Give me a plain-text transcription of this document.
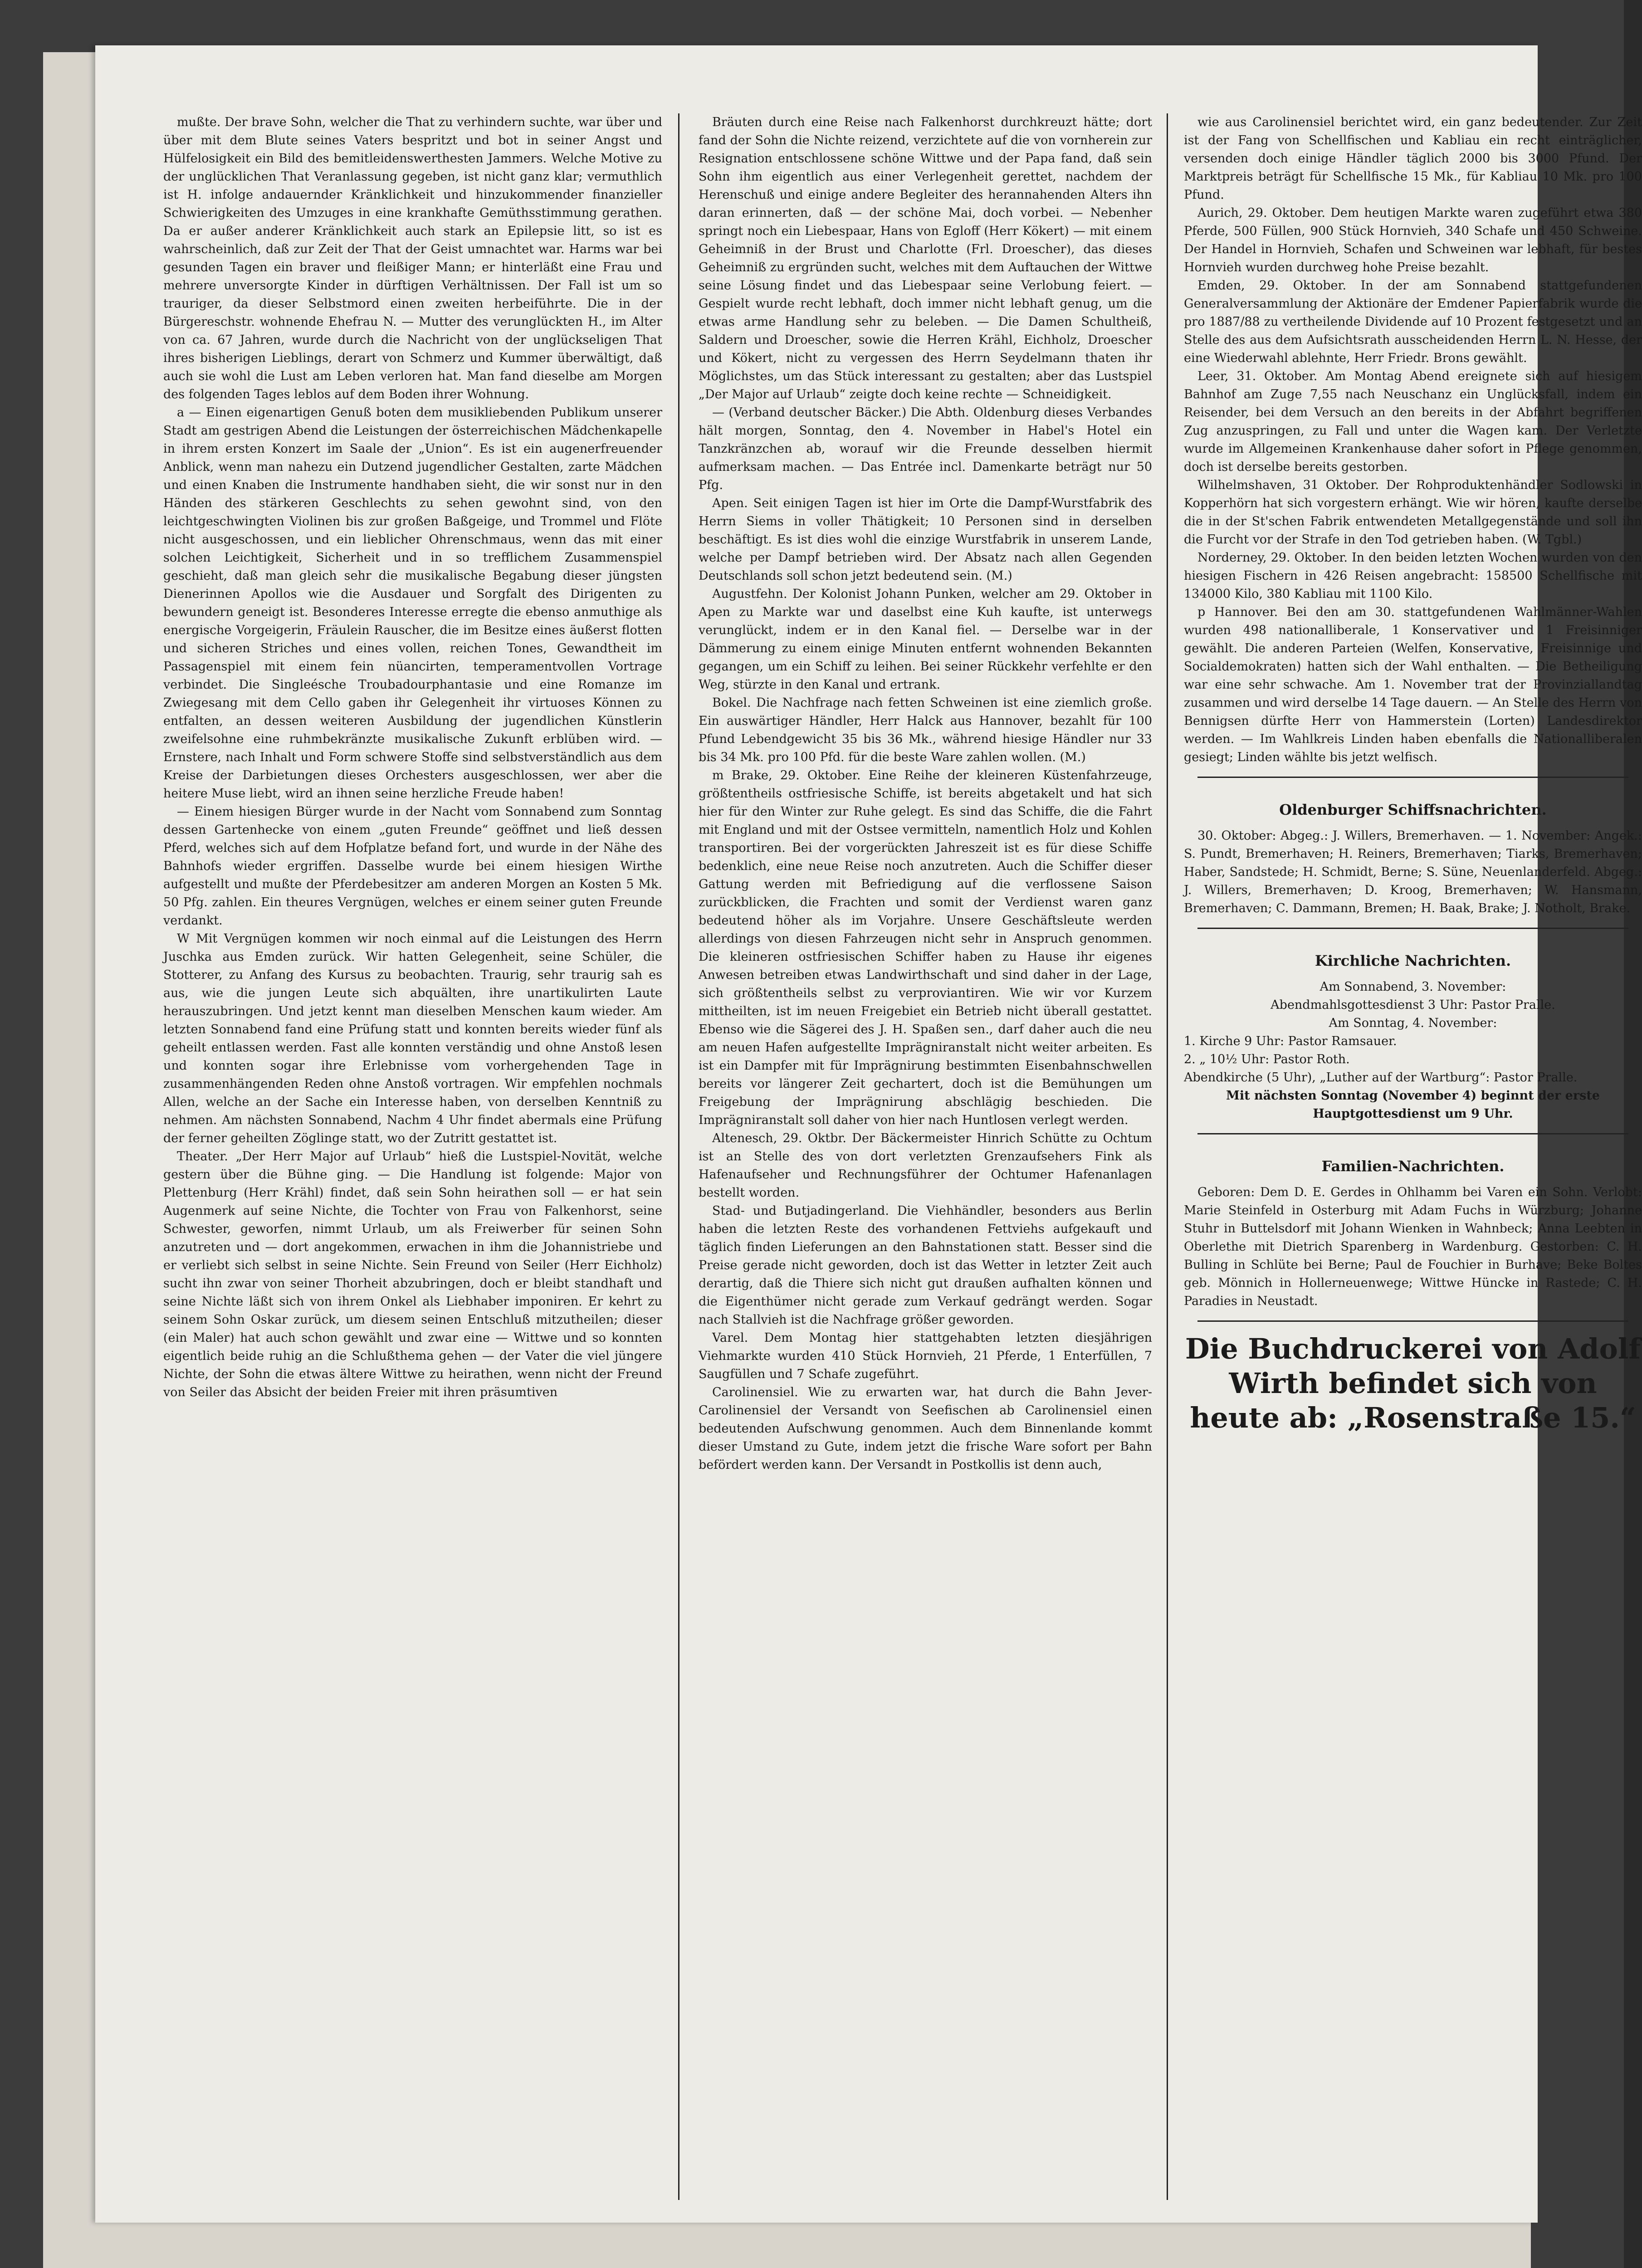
mußte. Der brave Sohn, welcher die That zu verhindern suchte, war über und über mit dem Blute seines Vaters bespritzt und bot in seiner Angst und Hülfelosigkeit ein Bild des bemitleidenswerthesten Jammers. Welche Motive zu der unglücklichen That Veranlassung gegeben, ist nicht ganz klar; vermuthlich ist H. infolge andauernder Kränklichkeit und hinzukommender finanzieller Schwierigkeiten des Umzuges in eine krankhafte Gemüthsstimmung gerathen. Da er außer anderer Kränklichkeit auch stark an Epilepsie litt, so ist es wahrscheinlich, daß zur Zeit der That der Geist umnachtet war. Harms war bei gesunden Tagen ein braver und fleißiger Mann; er hinterläßt eine Frau und mehrere unversorgte Kinder in dürftigen Verhältnissen. Der Fall ist um so trauriger, da dieser Selbstmord einen zweiten herbeiführte. Die in der Bürgereschstr. wohnende Ehefrau N. — Mutter des verunglückten H., im Alter von ca. 67 Jahren, wurde durch die Nachricht von der unglückseligen That ihres bisherigen Lieblings, derart von Schmerz und Kummer überwältigt, daß auch sie wohl die Lust am Leben verloren hat. Man fand dieselbe am Morgen des folgenden Tages leblos auf dem Boden ihrer Wohnung.

a — Einen eigenartigen Genuß boten dem musikliebenden Publikum unserer Stadt am gestrigen Abend die Leistungen der österreichischen Mädchenkapelle in ihrem ersten Konzert im Saale der „Union“. Es ist ein augenerfreuender Anblick, wenn man nahezu ein Dutzend jugendlicher Gestalten, zarte Mädchen und einen Knaben die Instrumente handhaben sieht, die wir sonst nur in den Händen des stärkeren Geschlechts zu sehen gewohnt sind, von den leichtgeschwingten Violinen bis zur großen Baßgeige, und Trommel und Flöte nicht ausgeschossen, und ein lieblicher Ohrenschmaus, wenn das mit einer solchen Leichtigkeit, Sicherheit und in so trefflichem Zusammenspiel geschieht, daß man gleich sehr die musikalische Begabung dieser jüngsten Dienerinnen Apollos wie die Ausdauer und Sorgfalt des Dirigenten zu bewundern geneigt ist. Besonderes Interesse erregte die ebenso anmuthige als energische Vorgeigerin, Fräulein Rauscher, die im Besitze eines äußerst flotten und sicheren Striches und eines vollen, reichen Tones, Gewandtheit im Passagenspiel mit einem fein nüancirten, temperamentvollen Vortrage verbindet. Die Singleésche Troubadourphantasie und eine Romanze im Zwiegesang mit dem Cello gaben ihr Gelegenheit ihr virtuoses Können zu entfalten, an dessen weiteren Ausbildung der jugendlichen Künstlerin zweifelsohne eine ruhmbekränzte musikalische Zukunft erblüben wird. — Ernstere, nach Inhalt und Form schwere Stoffe sind selbstverständlich aus dem Kreise der Darbietungen dieses Orchesters ausgeschlossen, wer aber die heitere Muse liebt, wird an ihnen seine herzliche Freude haben!

— Einem hiesigen Bürger wurde in der Nacht vom Sonnabend zum Sonntag dessen Gartenhecke von einem „guten Freunde“ geöffnet und ließ dessen Pferd, welches sich auf dem Hofplatze befand fort, und wurde in der Nähe des Bahnhofs wieder ergriffen. Dasselbe wurde bei einem hiesigen Wirthe aufgestellt und mußte der Pferdebesitzer am anderen Morgen an Kosten 5 Mk. 50 Pfg. zahlen. Ein theures Vergnügen, welches er einem seiner guten Freunde verdankt.

W Mit Vergnügen kommen wir noch einmal auf die Leistungen des Herrn Juschka aus Emden zurück. Wir hatten Gelegenheit, seine Schüler, die Stotterer, zu Anfang des Kursus zu beobachten. Traurig, sehr traurig sah es aus, wie die jungen Leute sich abquälten, ihre unartikulirten Laute herauszubringen. Und jetzt kennt man dieselben Menschen kaum wieder. Am letzten Sonnabend fand eine Prüfung statt und konnten bereits wieder fünf als geheilt entlassen werden. Fast alle konnten verständig und ohne Anstoß lesen und konnten sogar ihre Erlebnisse vom vorhergehenden Tage in zusammenhängenden Reden ohne Anstoß vortragen. Wir empfehlen nochmals Allen, welche an der Sache ein Interesse haben, von derselben Kenntniß zu nehmen. Am nächsten Sonnabend, Nachm 4 Uhr findet abermals eine Prüfung der ferner geheilten Zöglinge statt, wo der Zutritt gestattet ist.

Theater. „Der Herr Major auf Urlaub“ hieß die Lustspiel-Novität, welche gestern über die Bühne ging. — Die Handlung ist folgende: Major von Plettenburg (Herr Krähl) findet, daß sein Sohn heirathen soll — er hat sein Augenmerk auf seine Nichte, die Tochter von Frau von Falkenhorst, seine Schwester, geworfen, nimmt Urlaub, um als Freiwerber für seinen Sohn anzutreten und — dort angekommen, erwachen in ihm die Johannistriebe und er verliebt sich selbst in seine Nichte. Sein Freund von Seiler (Herr Eichholz) sucht ihn zwar von seiner Thorheit abzubringen, doch er bleibt standhaft und seine Nichte läßt sich von ihrem Onkel als Liebhaber imponiren. Er kehrt zu seinem Sohn Oskar zurück, um diesem seinen Entschluß mitzutheilen; dieser (ein Maler) hat auch schon gewählt und zwar eine — Wittwe und so konnten eigentlich beide ruhig an die Schlußthema gehen — der Vater die viel jüngere Nichte, der Sohn die etwas ältere Wittwe zu heirathen, wenn nicht der Freund von Seiler das Absicht der beiden Freier mit ihren präsumtiven

Bräuten durch eine Reise nach Falkenhorst durchkreuzt hätte; dort fand der Sohn die Nichte reizend, verzichtete auf die von vornherein zur Resignation entschlossene schöne Wittwe und der Papa fand, daß sein Sohn ihm eigentlich aus einer Verlegenheit gerettet, nachdem der Herenschuß und einige andere Begleiter des herannahenden Alters ihn daran erinnerten, daß — der schöne Mai, doch vorbei. — Nebenher springt noch ein Liebespaar, Hans von Egloff (Herr Kökert) — mit einem Geheimniß in der Brust und Charlotte (Frl. Droescher), das dieses Geheimniß zu ergründen sucht, welches mit dem Auftauchen der Wittwe seine Lösung findet und das Liebespaar seine Verlobung feiert. — Gespielt wurde recht lebhaft, doch immer nicht lebhaft genug, um die etwas arme Handlung sehr zu beleben. — Die Damen Schultheiß, Saldern und Droescher, sowie die Herren Krähl, Eichholz, Droescher und Kökert, nicht zu vergessen des Herrn Seydelmann thaten ihr Möglichstes, um das Stück interessant zu gestalten; aber das Lustspiel „Der Major auf Urlaub“ zeigte doch keine rechte — Schneidigkeit.

— (Verband deutscher Bäcker.) Die Abth. Oldenburg dieses Verbandes hält morgen, Sonntag, den 4. November in Habel's Hotel ein Tanzkränzchen ab, worauf wir die Freunde desselben hiermit aufmerksam machen. — Das Entrée incl. Damenkarte beträgt nur 50 Pfg.

Apen. Seit einigen Tagen ist hier im Orte die Dampf-Wurstfabrik des Herrn Siems in voller Thätigkeit; 10 Personen sind in derselben beschäftigt. Es ist dies wohl die einzige Wurstfabrik in unserem Lande, welche per Dampf betrieben wird. Der Absatz nach allen Gegenden Deutschlands soll schon jetzt bedeutend sein. (M.)

Augustfehn. Der Kolonist Johann Punken, welcher am 29. Oktober in Apen zu Markte war und daselbst eine Kuh kaufte, ist unterwegs verunglückt, indem er in den Kanal fiel. — Derselbe war in der Dämmerung zu einem einige Minuten entfernt wohnenden Bekannten gegangen, um ein Schiff zu leihen. Bei seiner Rückkehr verfehlte er den Weg, stürzte in den Kanal und ertrank.

Bokel. Die Nachfrage nach fetten Schweinen ist eine ziemlich große. Ein auswärtiger Händler, Herr Halck aus Hannover, bezahlt für 100 Pfund Lebendgewicht 35 bis 36 Mk., während hiesige Händler nur 33 bis 34 Mk. pro 100 Pfd. für die beste Ware zahlen wollen. (M.)

m Brake, 29. Oktober. Eine Reihe der kleineren Küstenfahrzeuge, größtentheils ostfriesische Schiffe, ist bereits abgetakelt und hat sich hier für den Winter zur Ruhe gelegt. Es sind das Schiffe, die die Fahrt mit England und mit der Ostsee vermitteln, namentlich Holz und Kohlen transportiren. Bei der vorgerückten Jahreszeit ist es für diese Schiffe bedenklich, eine neue Reise noch anzutreten. Auch die Schiffer dieser Gattung werden mit Befriedigung auf die verflossene Saison zurückblicken, die Frachten und somit der Verdienst waren ganz bedeutend höher als im Vorjahre. Unsere Geschäftsleute werden allerdings von diesen Fahrzeugen nicht sehr in Anspruch genommen. Die kleineren ostfriesischen Schiffer haben zu Hause ihr eigenes Anwesen betreiben etwas Landwirthschaft und sind daher in der Lage, sich größtentheils selbst zu verproviantiren. Wie wir vor Kurzem mittheilten, ist im neuen Freigebiet ein Betrieb nicht überall gestattet. Ebenso wie die Sägerei des J. H. Spaßen sen., darf daher auch die neu am neuen Hafen aufgestellte Imprägniranstalt nicht weiter arbeiten. Es ist ein Dampfer mit für Imprägnirung bestimmten Eisenbahnschwellen bereits vor längerer Zeit gechartert, doch ist die Bemühungen um Freigebung der Imprägnirung abschlägig beschieden. Die Imprägniranstalt soll daher von hier nach Huntlosen verlegt werden.

Altenesch, 29. Oktbr. Der Bäckermeister Hinrich Schütte zu Ochtum ist an Stelle des von dort verletzten Grenzaufsehers Fink als Hafenaufseher und Rechnungsführer der Ochtumer Hafenanlagen bestellt worden.

Stad- und Butjadingerland. Die Viehhändler, besonders aus Berlin haben die letzten Reste des vorhandenen Fettviehs aufgekauft und täglich finden Lieferungen an den Bahnstationen statt. Besser sind die Preise gerade nicht geworden, doch ist das Wetter in letzter Zeit auch derartig, daß die Thiere sich nicht gut draußen aufhalten können und die Eigenthümer nicht gerade zum Verkauf gedrängt werden. Sogar nach Stallvieh ist die Nachfrage größer geworden.

Varel. Dem Montag hier stattgehabten letzten diesjährigen Viehmarkte wurden 410 Stück Hornvieh, 21 Pferde, 1 Enterfüllen, 7 Saugfüllen und 7 Schafe zugeführt.

Carolinensiel. Wie zu erwarten war, hat durch die Bahn Jever-Carolinensiel der Versandt von Seefischen ab Carolinensiel einen bedeutenden Aufschwung genommen. Auch dem Binnenlande kommt dieser Umstand zu Gute, indem jetzt die frische Ware sofort per Bahn befördert werden kann. Der Versandt in Postkollis ist denn auch,

wie aus Carolinensiel berichtet wird, ein ganz bedeutender. Zur Zeit ist der Fang von Schellfischen und Kabliau ein recht einträglicher, versenden doch einige Händler täglich 2000 bis 3000 Pfund. Der Marktpreis beträgt für Schellfische 15 Mk., für Kabliau 10 Mk. pro 100 Pfund.

Aurich, 29. Oktober. Dem heutigen Markte waren zugeführt etwa 380 Pferde, 500 Füllen, 900 Stück Hornvieh, 340 Schafe und 450 Schweine. Der Handel in Hornvieh, Schafen und Schweinen war lebhaft, für bestes Hornvieh wurden durchweg hohe Preise bezahlt.

Emden, 29. Oktober. In der am Sonnabend stattgefundenen Generalversammlung der Aktionäre der Emdener Papierfabrik wurde die pro 1887/88 zu vertheilende Dividende auf 10 Prozent festgesetzt und an Stelle des aus dem Aufsichtsrath ausscheidenden Herrn L. N. Hesse, der eine Wiederwahl ablehnte, Herr Friedr. Brons gewählt.

Leer, 31. Oktober. Am Montag Abend ereignete sich auf hiesigem Bahnhof am Zuge 7,55 nach Neuschanz ein Unglücksfall, indem ein Reisender, bei dem Versuch an den bereits in der Abfahrt begriffenen Zug anzuspringen, zu Fall und unter die Wagen kam. Der Verletzte wurde im Allgemeinen Krankenhause daher sofort in Pflege genommen, doch ist derselbe bereits gestorben.

Wilhelmshaven, 31 Oktober. Der Rohproduktenhändler Sodlowski in Kopperhörn hat sich vorgestern erhängt. Wie wir hören, kaufte derselbe die in der St'schen Fabrik entwendeten Metallgegenstände und soll ihn die Furcht vor der Strafe in den Tod getrieben haben. (W. Tgbl.)

Norderney, 29. Oktober. In den beiden letzten Wochen wurden von den hiesigen Fischern in 426 Reisen angebracht: 158500 Schellfische mit 134000 Kilo, 380 Kabliau mit 1100 Kilo.

p Hannover. Bei den am 30. stattgefundenen Wahlmänner-Wahlen wurden 498 nationalliberale, 1 Konservativer und 1 Freisinniger gewählt. Die anderen Parteien (Welfen, Konservative, Freisinnige und Socialdemokraten) hatten sich der Wahl enthalten. — Die Betheiligung war eine sehr schwache. Am 1. November trat der Provinziallandtag zusammen und wird derselbe 14 Tage dauern. — An Stelle des Herrn von Bennigsen dürfte Herr von Hammerstein (Lorten) Landesdirektor werden. — Im Wahlkreis Linden haben ebenfalls die Nationalliberalen gesiegt; Linden wählte bis jetzt welfisch.

Oldenburger Schiffsnachrichten.

30. Oktober: Abgeg.: J. Willers, Bremerhaven. — 1. November: Angek.: S. Pundt, Bremerhaven; H. Reiners, Bremerhaven; Tiarks, Bremerhaven; Haber, Sandstede; H. Schmidt, Berne; S. Süne, Neuenlanderfeld. Abgeg.: J. Willers, Bremerhaven; D. Kroog, Bremerhaven; W. Hansmann, Bremerhaven; C. Dammann, Bremen; H. Baak, Brake; J. Notholt, Brake.

Kirchliche Nachrichten.
Am Sonnabend, 3. November:
Abendmahlsgottesdienst 3 Uhr: Pastor Pralle.
Am Sonntag, 4. November:
1. Kirche 9 Uhr: Pastor Ramsauer.
2. „ 10½ Uhr: Pastor Roth.
Abendkirche (5 Uhr), „Luther auf der Wartburg“: Pastor Pralle.
Mit nächsten Sonntag (November 4) beginnt der erste Hauptgottesdienst um 9 Uhr.
Familien-Nachrichten.

Geboren: Dem D. E. Gerdes in Ohlhamm bei Varen ein Sohn. Verlobt: Marie Steinfeld in Osterburg mit Adam Fuchs in Würzburg; Johanne Stuhr in Buttelsdorf mit Johann Wienken in Wahnbeck; Anna Leebten in Oberlethe mit Dietrich Sparenberg in Wardenburg. Gestorben: C. H. Bulling in Schlüte bei Berne; Paul de Fouchier in Burhave; Beke Boltes geb. Mönnich in Hollerneuenwege; Wittwe Hüncke in Rastede; C. H. Paradies in Neustadt.

Die Buchdruckerei von Adolf Wirth befindet sich von heute ab: „Rosenstraße 15.“
